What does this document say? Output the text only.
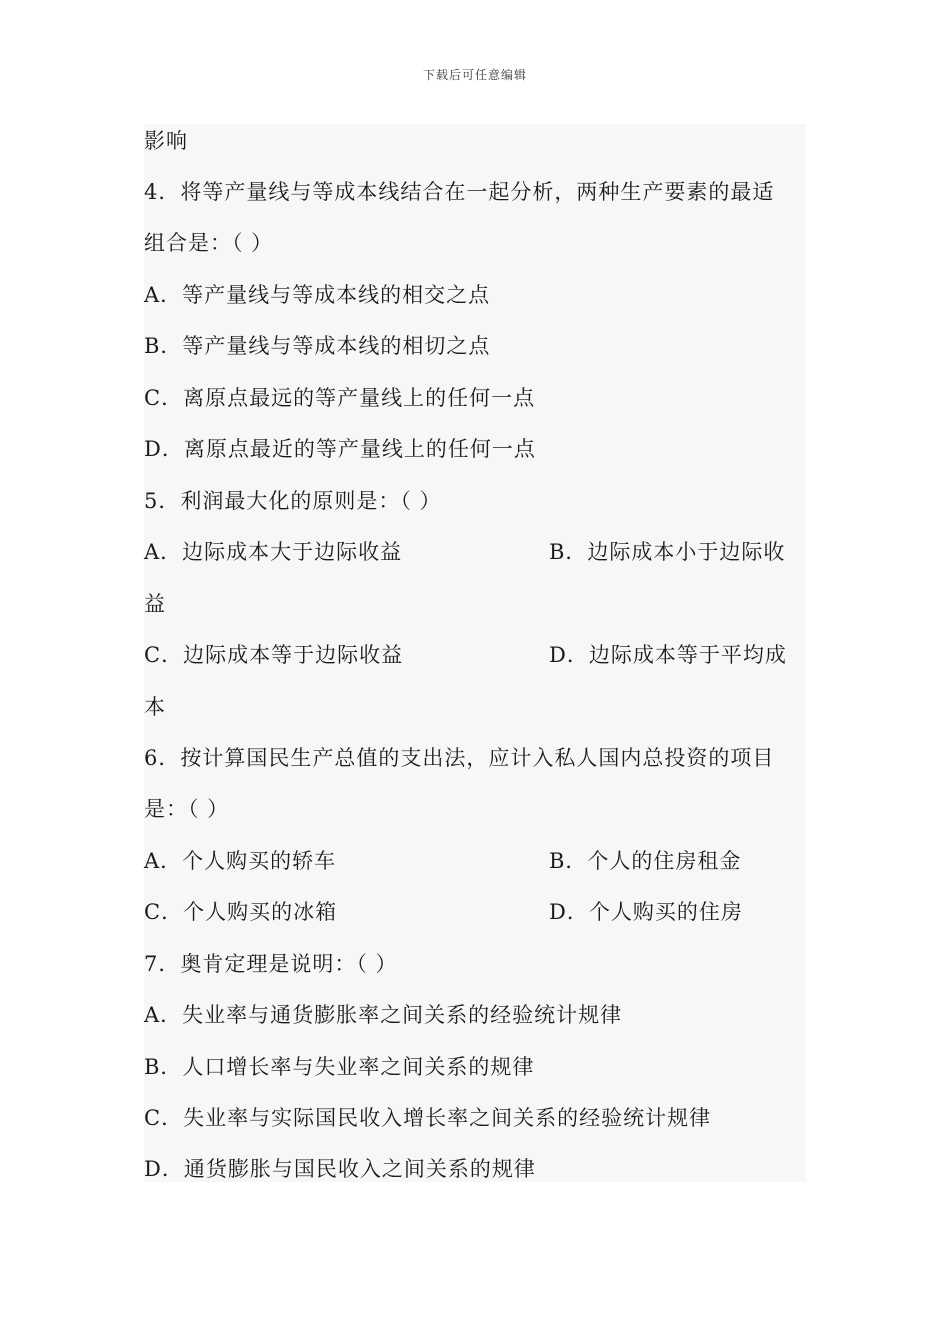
下载后可任意编辑
影响
4．将等产量线与等成本线结合在一起分析，两种生产要素的最适
组合是：（ ）
A．等产量线与等成本线的相交之点
B．等产量线与等成本线的相切之点
C．离原点最远的等产量线上的任何一点
D．离原点最近的等产量线上的任何一点
5．利润最大化的原则是：（ ）
A．边际成本大于边际收益	B．边际成本小于边际收
益
C．边际成本等于边际收益	D．边际成本等于平均成
本
6．按计算国民生产总值的支出法，应计入私人国内总投资的项目
是：（ ）
A．个人购买的轿车	B．个人的住房租金
C．个人购买的冰箱	D．个人购买的住房
7．奥肯定理是说明：（ ）
A．失业率与通货膨胀率之间关系的经验统计规律
B．人口增长率与失业率之间关系的规律
C．失业率与实际国民收入增长率之间关系的经验统计规律
D．通货膨胀与国民收入之间关系的规律
